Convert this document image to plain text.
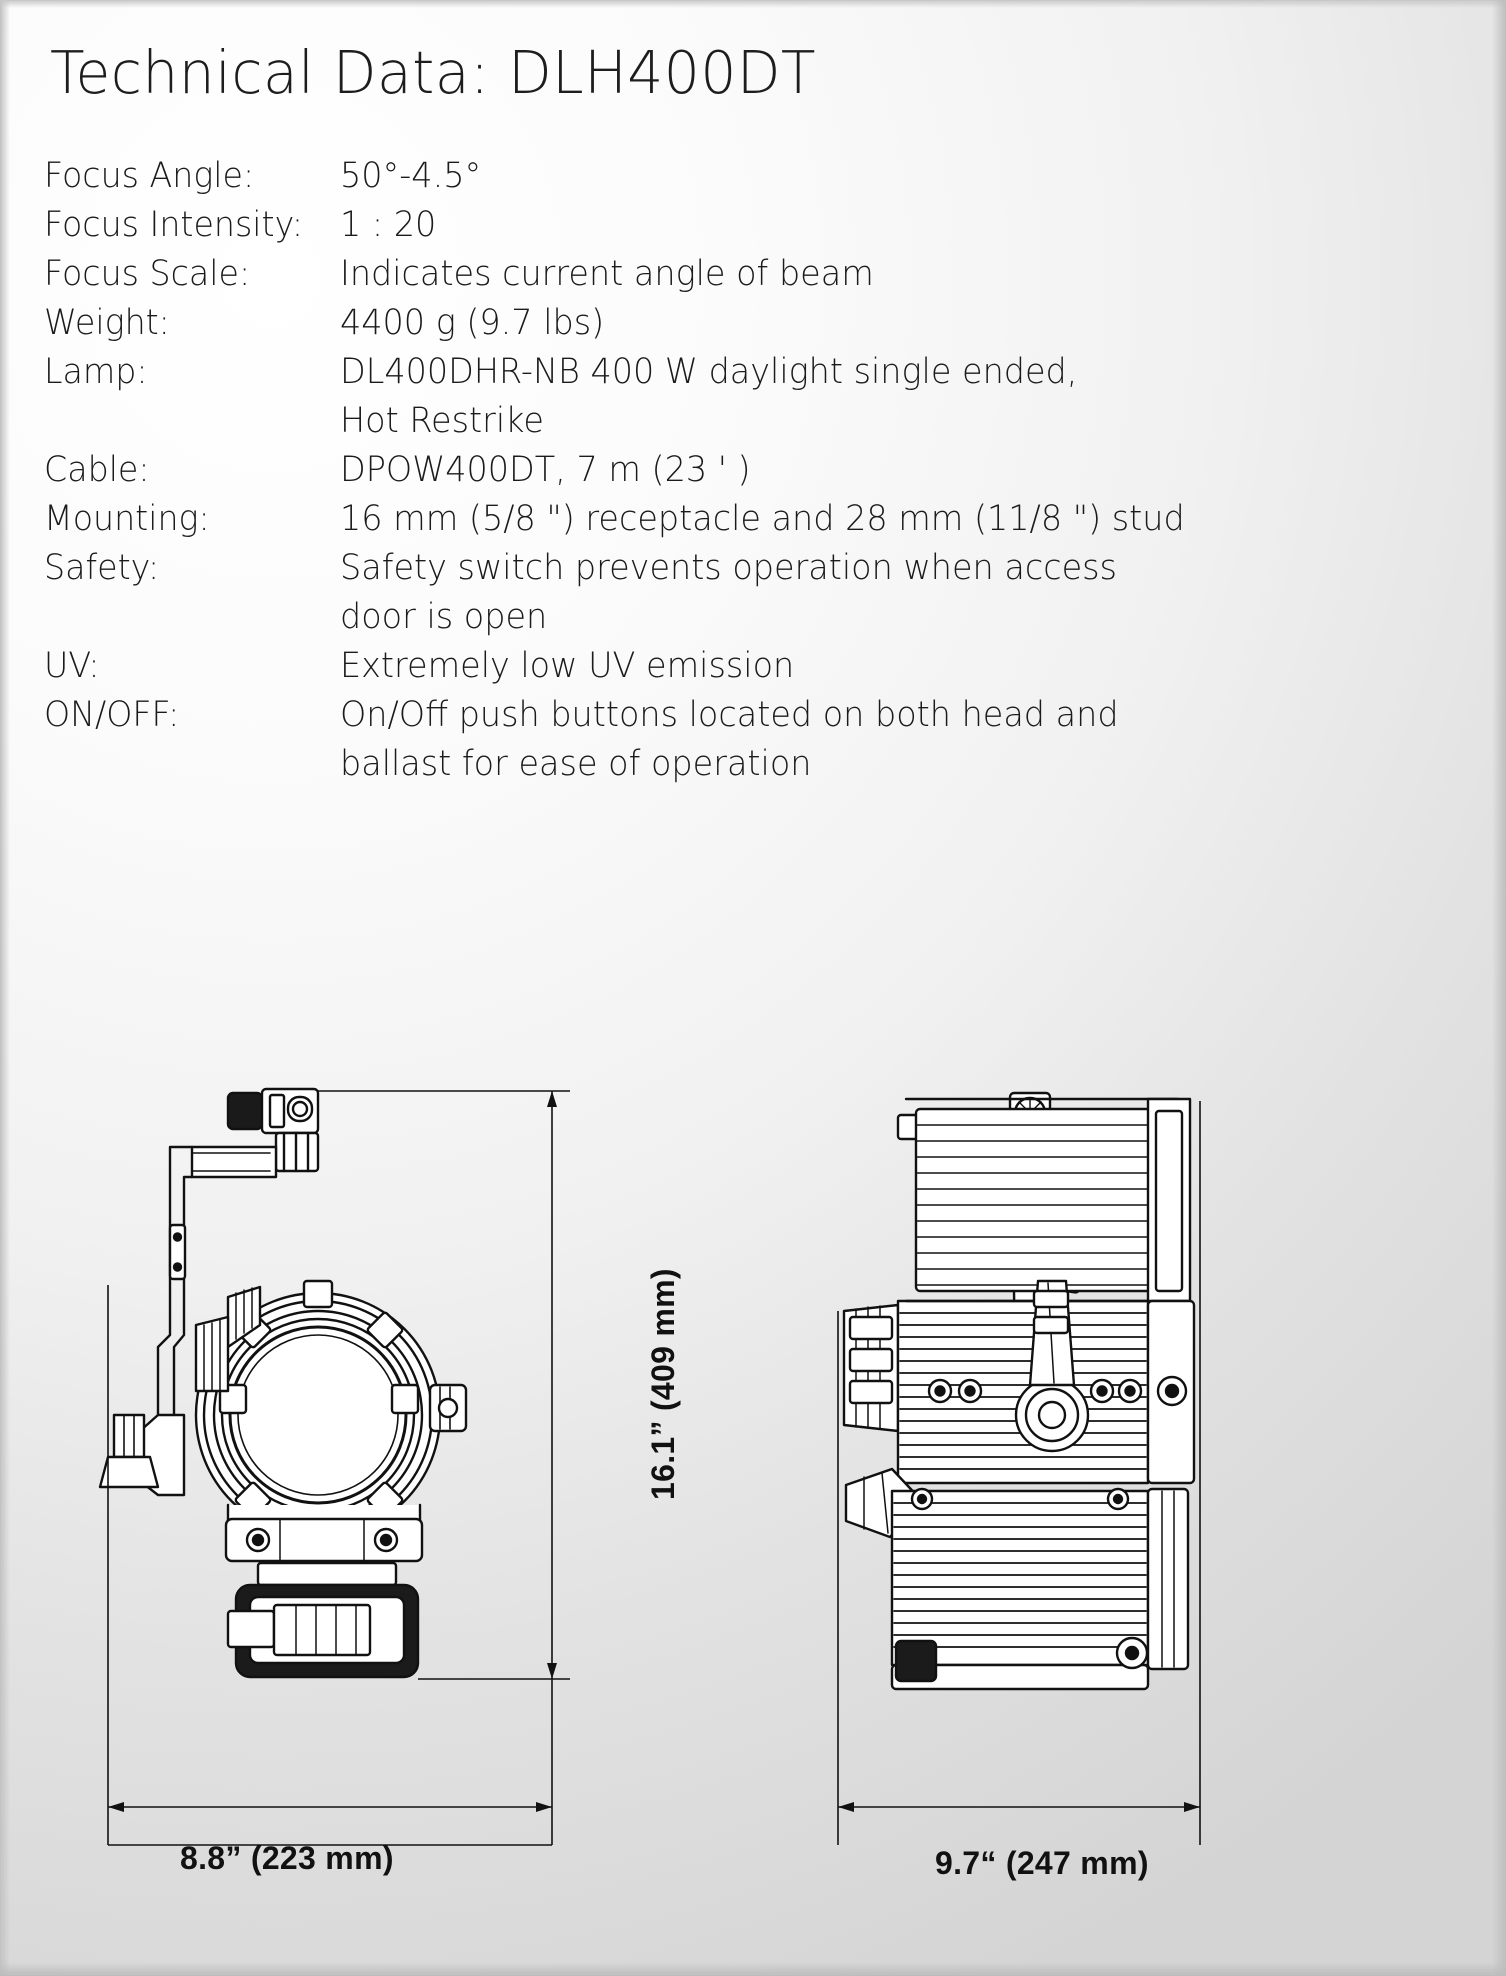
Technical Data: DLH400DT
Focus Angle:	50°-4.5°
Focus Intensity:	1 : 20
Focus Scale:	Indicates current angle of beam
Weight:	4400 g (9.7 lbs)
Lamp:	DL400DHR-NB 400 W daylight single ended,
Hot Restrike
Cable:	DPOW400DT, 7 m (23 ' )
Mounting:	16 mm (5/8 ") receptacle and 28 mm (11/8 ") stud
Safety:	Safety switch prevents operation when access
door is open
UV:	Extremely low UV emission
ON/OFF:	On/Off push buttons located on both head and
ballast for ease of operation
16.1” (409 mm)
8.8” (223 mm)	9.7“ (247 mm)
